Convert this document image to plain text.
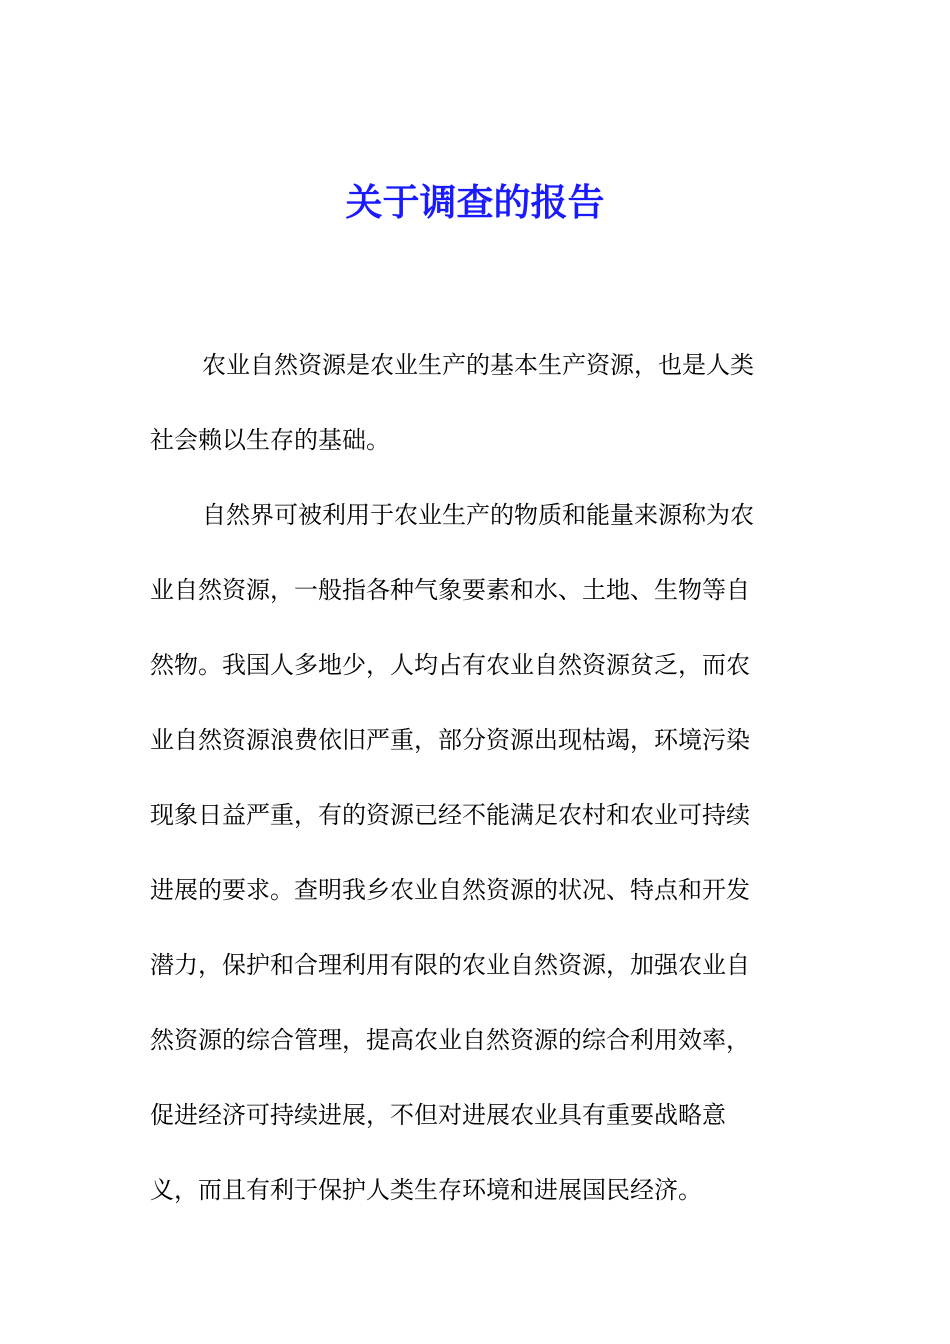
关于调查的报告
农业自然资源是农业生产的基本生产资源，也是人类
社会赖以生存的基础。
自然界可被利用于农业生产的物质和能量来源称为农
业自然资源，一般指各种气象要素和水、土地、生物等自
然物。我国人多地少，人均占有农业自然资源贫乏，而农
业自然资源浪费依旧严重，部分资源出现枯竭，环境污染
现象日益严重，有的资源已经不能满足农村和农业可持续
进展的要求。查明我乡农业自然资源的状况、特点和开发
潜力，保护和合理利用有限的农业自然资源，加强农业自
然资源的综合管理，提高农业自然资源的综合利用效率，
促进经济可持续进展，不但对进展农业具有重要战略意
义，而且有利于保护人类生存环境和进展国民经济。
